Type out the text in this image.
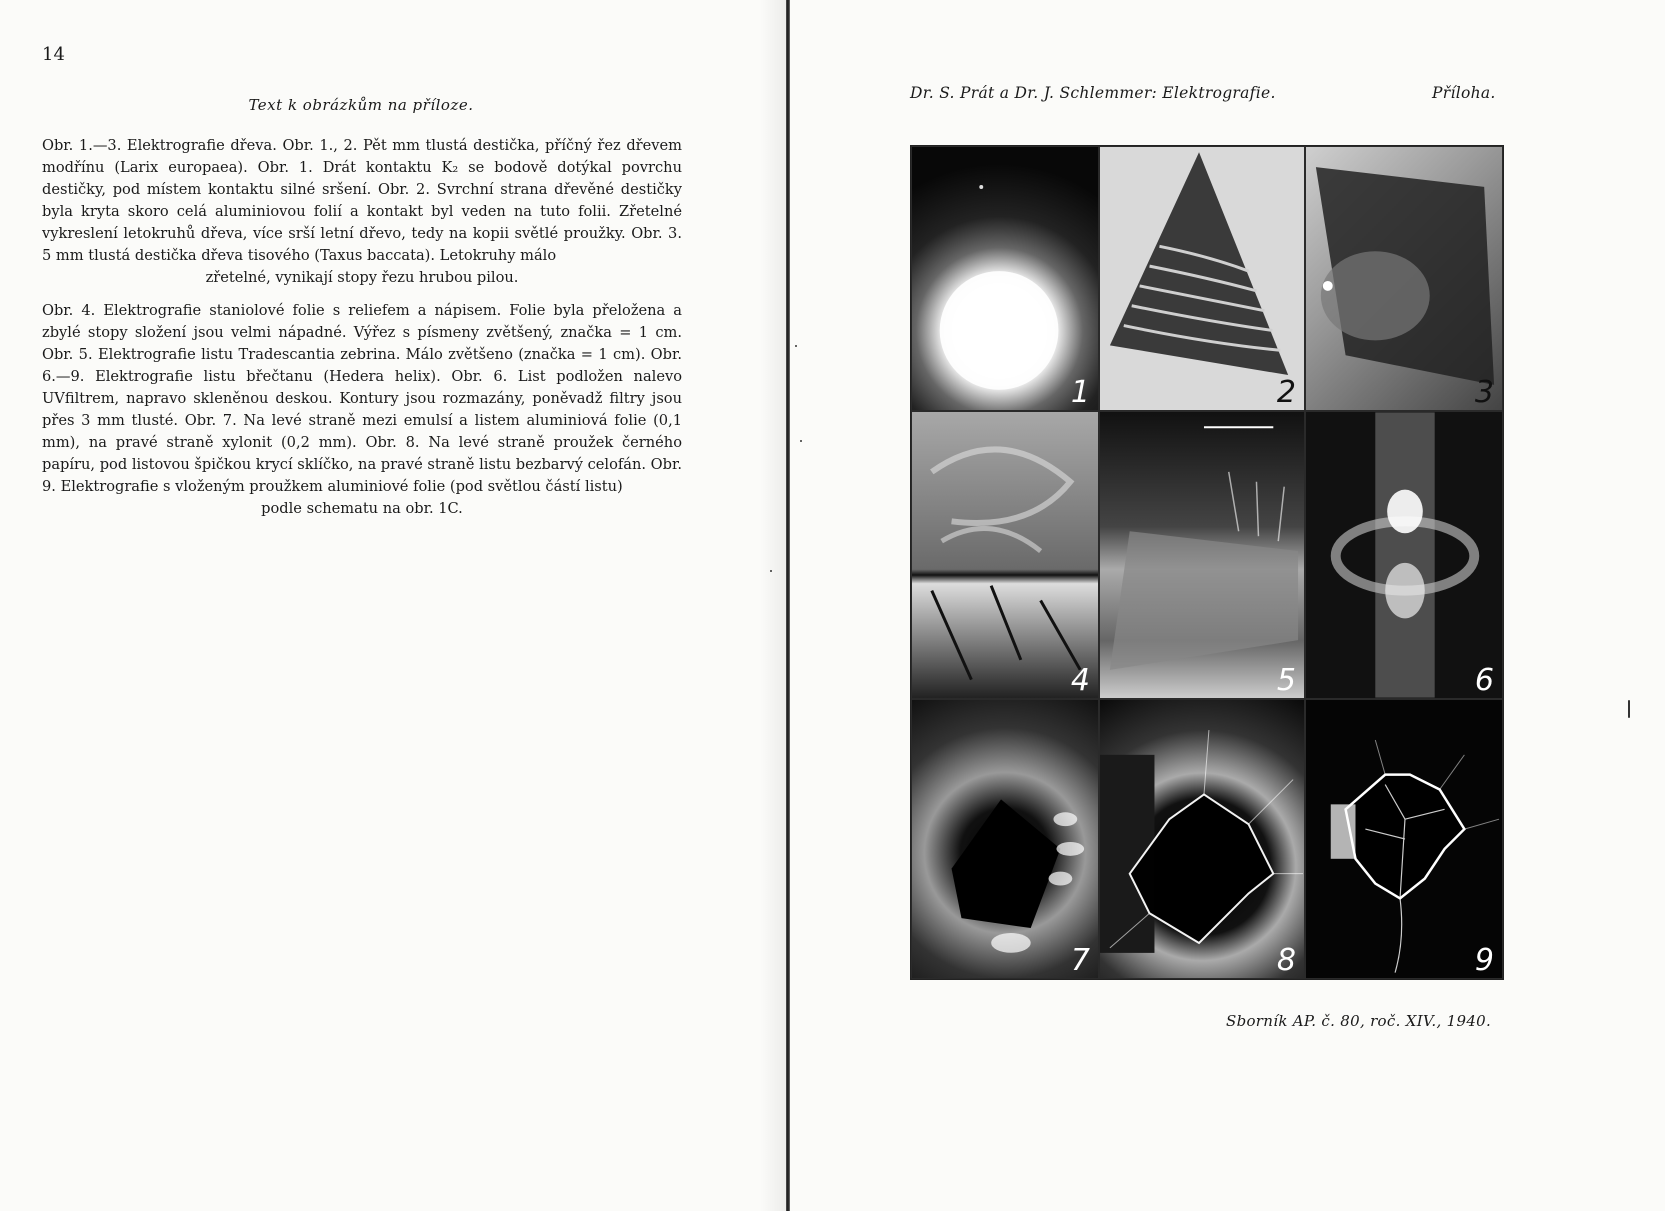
14
Text k obrázkům na příloze.

Obr. 1.—3. Elektrografie dřeva. Obr. 1., 2. Pět mm tlustá destička, příčný řez dřevem modřínu (Larix europaea). Obr. 1. Drát kontaktu K₂ se bodově dotýkal povrchu destičky, pod místem kontaktu silné sršení. Obr. 2. Svrchní strana dřevěné destičky byla kryta skoro celá aluminiovou folií a kontakt byl veden na tuto folii. Zřetelné vykreslení letokruhů dřeva, více srší letní dřevo, tedy na kopii světlé proužky. Obr. 3. 5 mm tlustá destička dřeva tisového (Taxus baccata). Letokruhy málo
zřetelné, vynikají stopy řezu hrubou pilou.

Obr. 4. Elektrografie staniolové folie s reliefem a nápisem. Folie byla přeložena a zbylé stopy složení jsou velmi nápadné. Výřez s písmeny zvětšený, značka = 1 cm. Obr. 5. Elektrografie listu Tradescantia zebrina. Málo zvětšeno (značka = 1 cm). Obr. 6.—9. Elektrografie listu břečtanu (Hedera helix). Obr. 6. List podložen nalevo UVfiltrem, napravo skleněnou deskou. Kontury jsou rozmazány, poněvadž filtry jsou přes 3 mm tlusté. Obr. 7. Na levé straně mezi emulsí a listem aluminiová folie (0,1 mm), na pravé straně xylonit (0,2 mm). Obr. 8. Na levé straně proužek černého papíru, pod listovou špičkou krycí sklíčko, na pravé straně listu bezbarvý celofán. Obr. 9. Elektrografie s vloženým proužkem aluminiové folie (pod světlou částí listu)
podle schematu na obr. 1C.

Dr. S. Prát a Dr. J. Schlemmer: Elektrografie.	Příloha.
1	2	3
4	5	6
7	8	9
Sborník AP. č. 80, roč. XIV., 1940.
